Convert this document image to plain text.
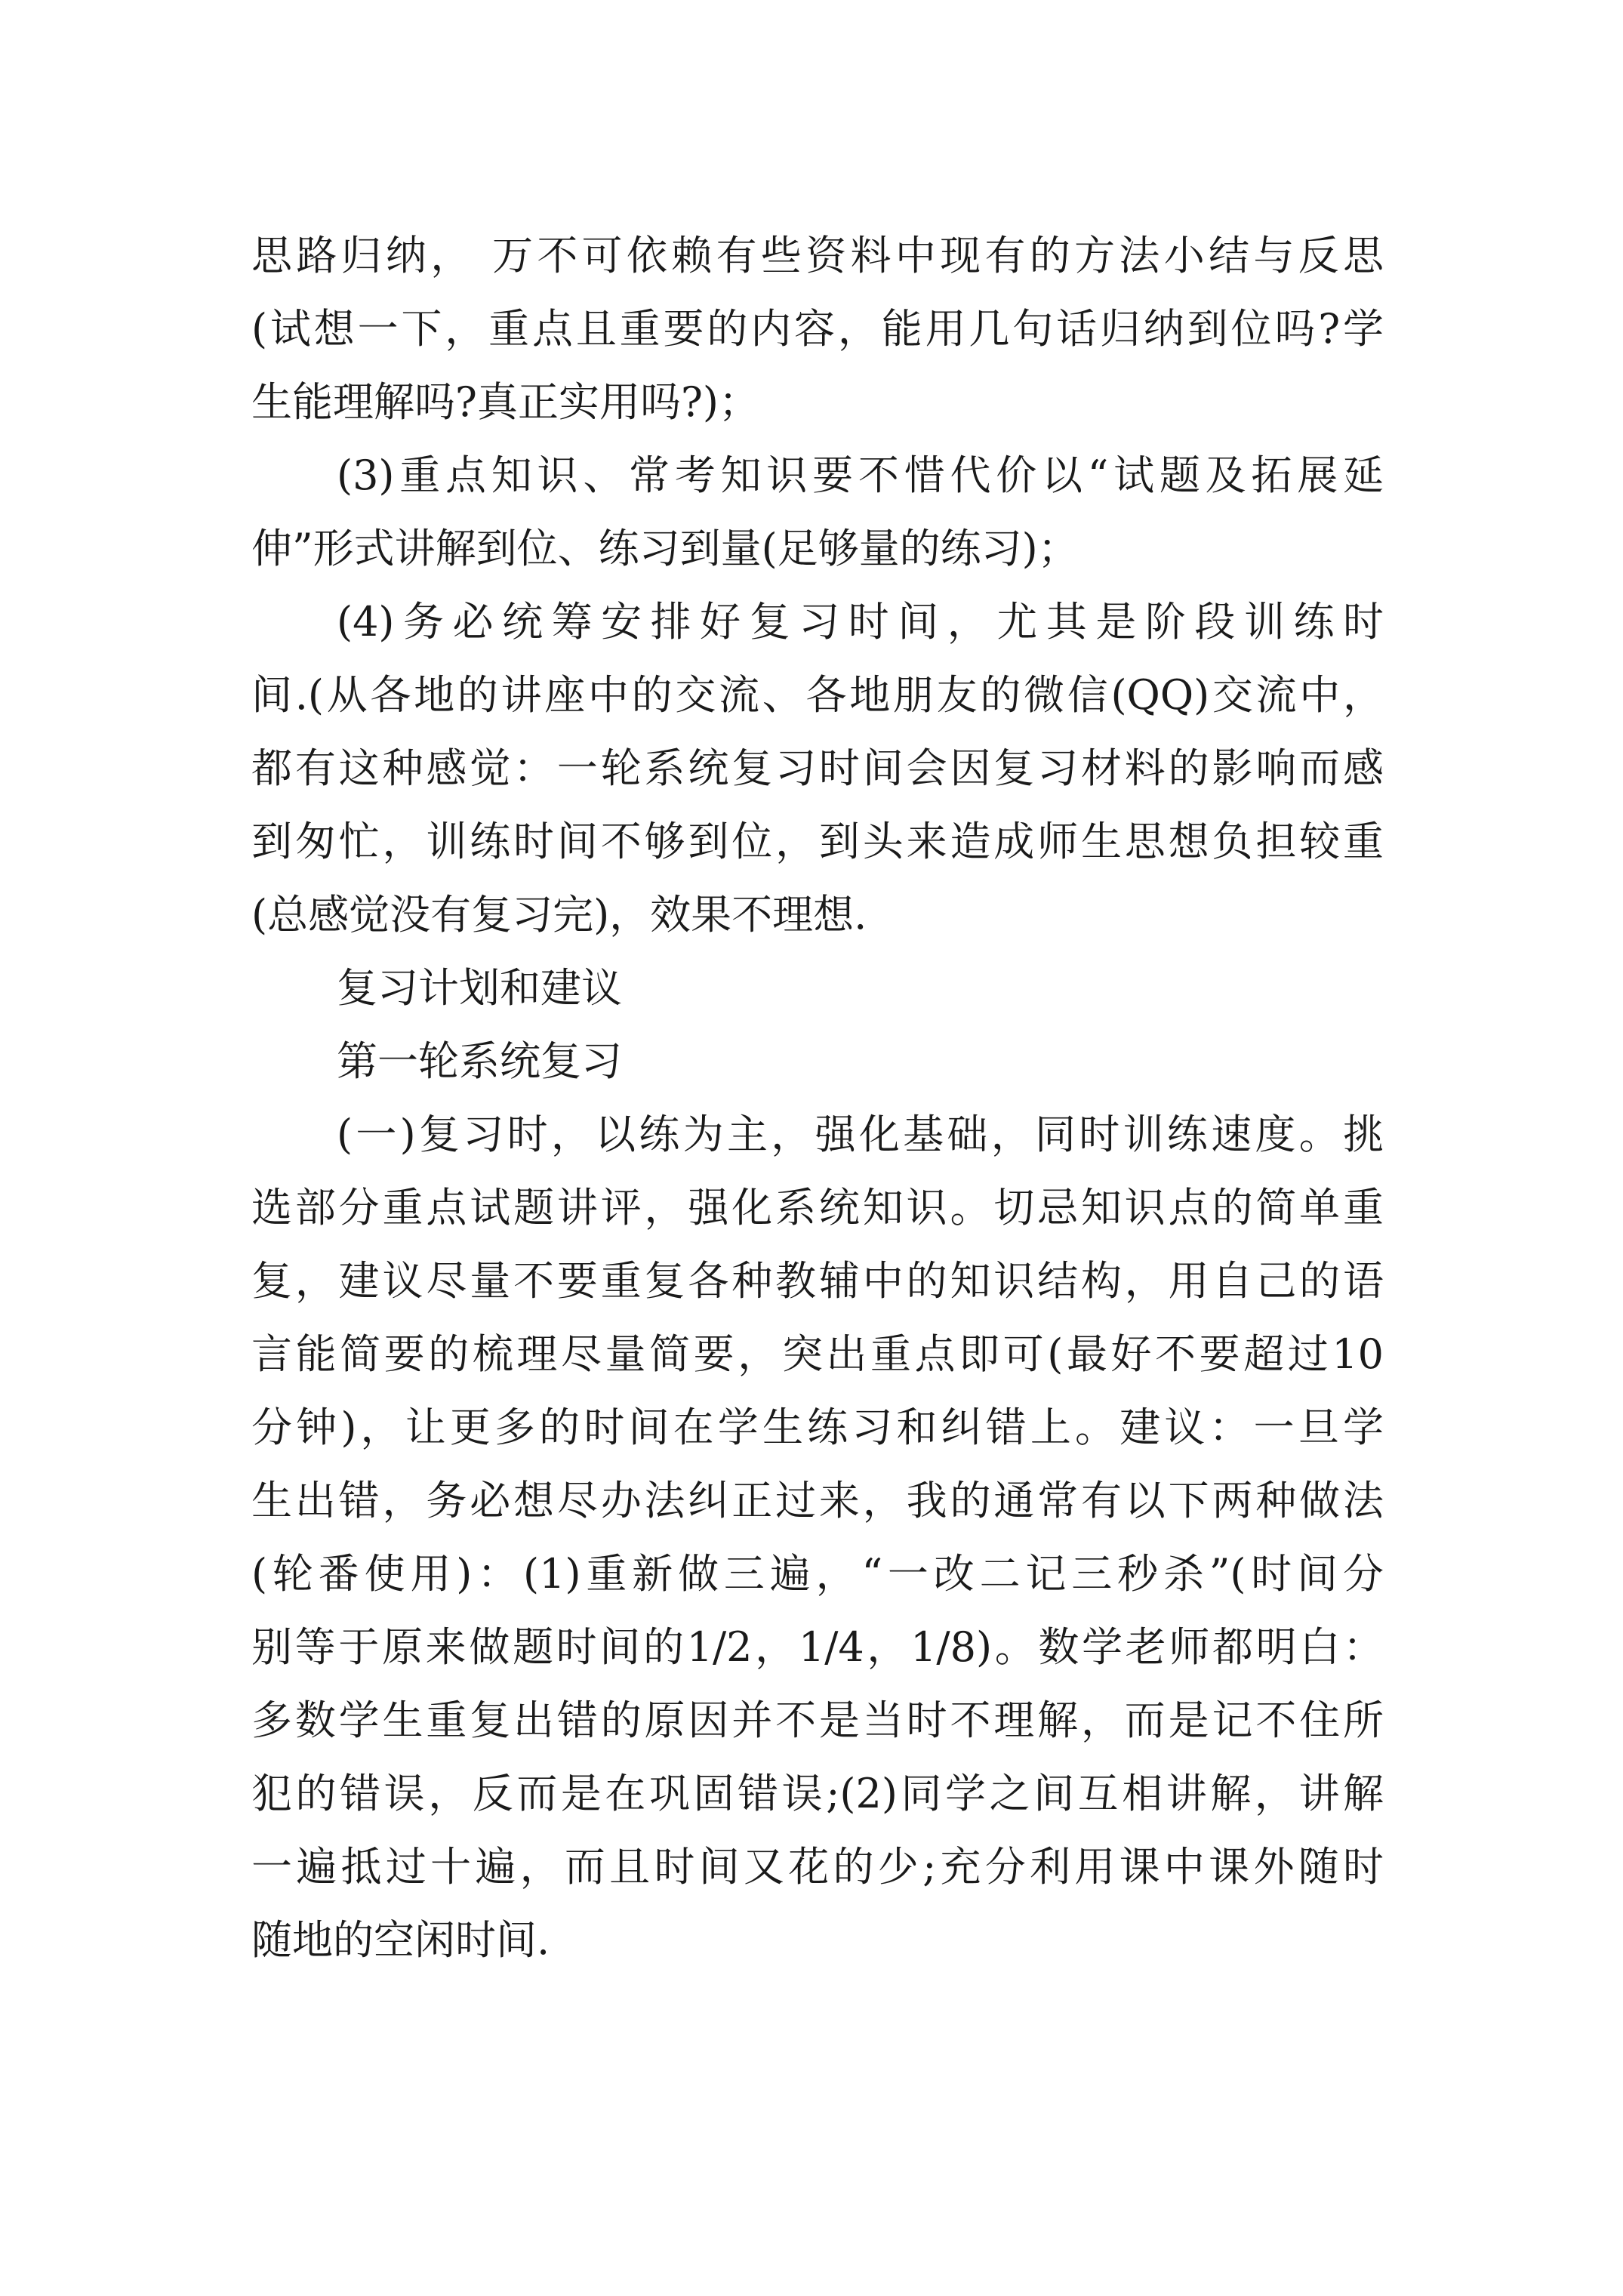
思路归纳， 万不可依赖有些资料中现有的方法小结与反思
(试想一下，重点且重要的内容，能用几句话归纳到位吗?学
生能理解吗?真正实用吗?)；
(3)重点知识、常考知识要不惜代价以“试题及拓展延
伸”形式讲解到位、练习到量(足够量的练习)；
(4)务必统筹安排好复习时间，尤其是阶段训练时
间.(从各地的讲座中的交流、各地朋友的微信(QQ)交流中，
都有这种感觉：一轮系统复习时间会因复习材料的影响而感
到匆忙，训练时间不够到位，到头来造成师生思想负担较重
(总感觉没有复习完)，效果不理想.
复习计划和建议
第一轮系统复习
(一)复习时，以练为主，强化基础，同时训练速度。挑
选部分重点试题讲评，强化系统知识。切忌知识点的简单重
复，建议尽量不要重复各种教辅中的知识结构，用自己的语
言能简要的梳理尽量简要，突出重点即可(最好不要超过10
分钟)，让更多的时间在学生练习和纠错上。建议：一旦学
生出错，务必想尽办法纠正过来，我的通常有以下两种做法
(轮番使用)：(1)重新做三遍，“一改二记三秒杀”(时间分
别等于原来做题时间的1/2，1/4，1/8)。数学老师都明白：
多数学生重复出错的原因并不是当时不理解，而是记不住所
犯的错误，反而是在巩固错误;(2)同学之间互相讲解，讲解
一遍抵过十遍，而且时间又花的少;充分利用课中课外随时
随地的空闲时间.
